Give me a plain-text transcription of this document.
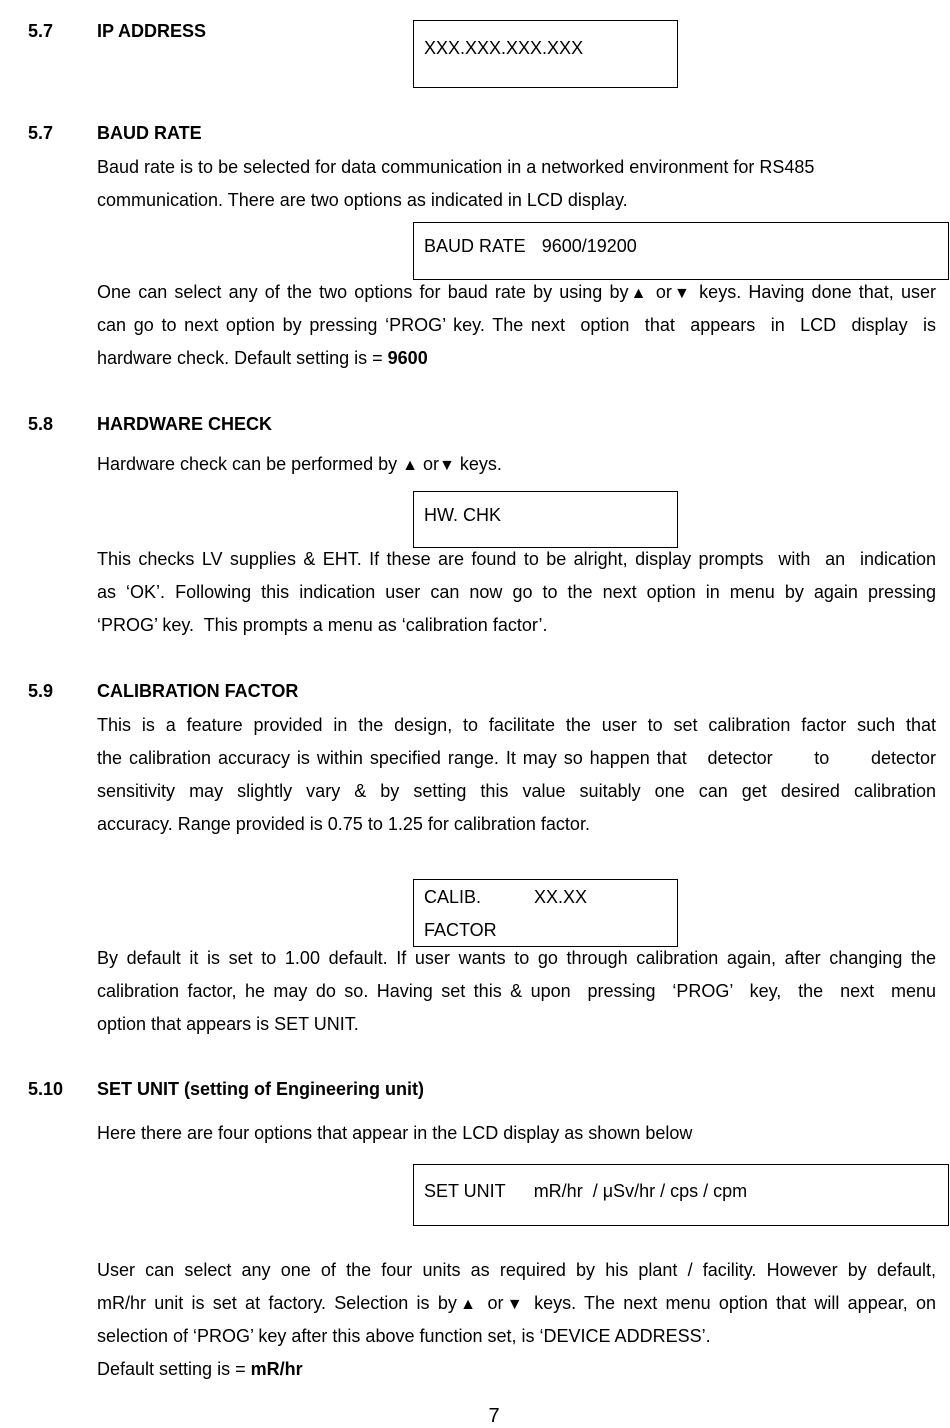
5.7 IP ADDRESS
XXX.XXX.XXX.XXX
5.7 BAUD RATE
Baud rate is to be selected for data communication in a networked environment for RS485
communication. There are two options as indicated in LCD display.
BAUD RATE 9600/19200
One can select any of the two options for baud rate by using by▲ or▼ keys. Having done that, user
can go to next option by pressing ‘PROG’ key. The next  option  that  appears  in  LCD  display  is
hardware check. Default setting is = 9600
5.8 HARDWARE CHECK
Hardware check can be performed by ▲ or▼ keys.
HW. CHK
This checks LV supplies & EHT. If these are found to be alright, display prompts  with  an  indication
as ‘OK’. Following this indication user can now go to the next option in menu by again pressing
‘PROG’ key.  This prompts a menu as ‘calibration factor’.
5.9 CALIBRATION FACTOR
This is a feature provided in the design, to facilitate the user to set calibration factor such that
the calibration accuracy is within specified range. It may so happen that   detector      to      detector
sensitivity may slightly vary & by setting this value suitably one can get desired calibration
accuracy. Range provided is 0.75 to 1.25 for calibration factor.
CALIB.	XX.XX
FACTOR
By default it is set to 1.00 default. If user wants to go through calibration again, after changing the
calibration factor, he may do so. Having set this & upon  pressing  ‘PROG’  key,  the  next  menu
option that appears is SET UNIT.
5.10 SET UNIT (setting of Engineering unit)
Here there are four options that appear in the LCD display as shown below
SET UNIT mR/hr  / μSv/hr / cps / cpm
User can select any one of the four units as required by his plant / facility. However by default,
mR/hr unit is set at factory. Selection is by▲ or▼ keys. The next menu option that will appear, on
selection of ‘PROG’ key after this above function set, is ‘DEVICE ADDRESS’.
Default setting is = mR/hr
7
